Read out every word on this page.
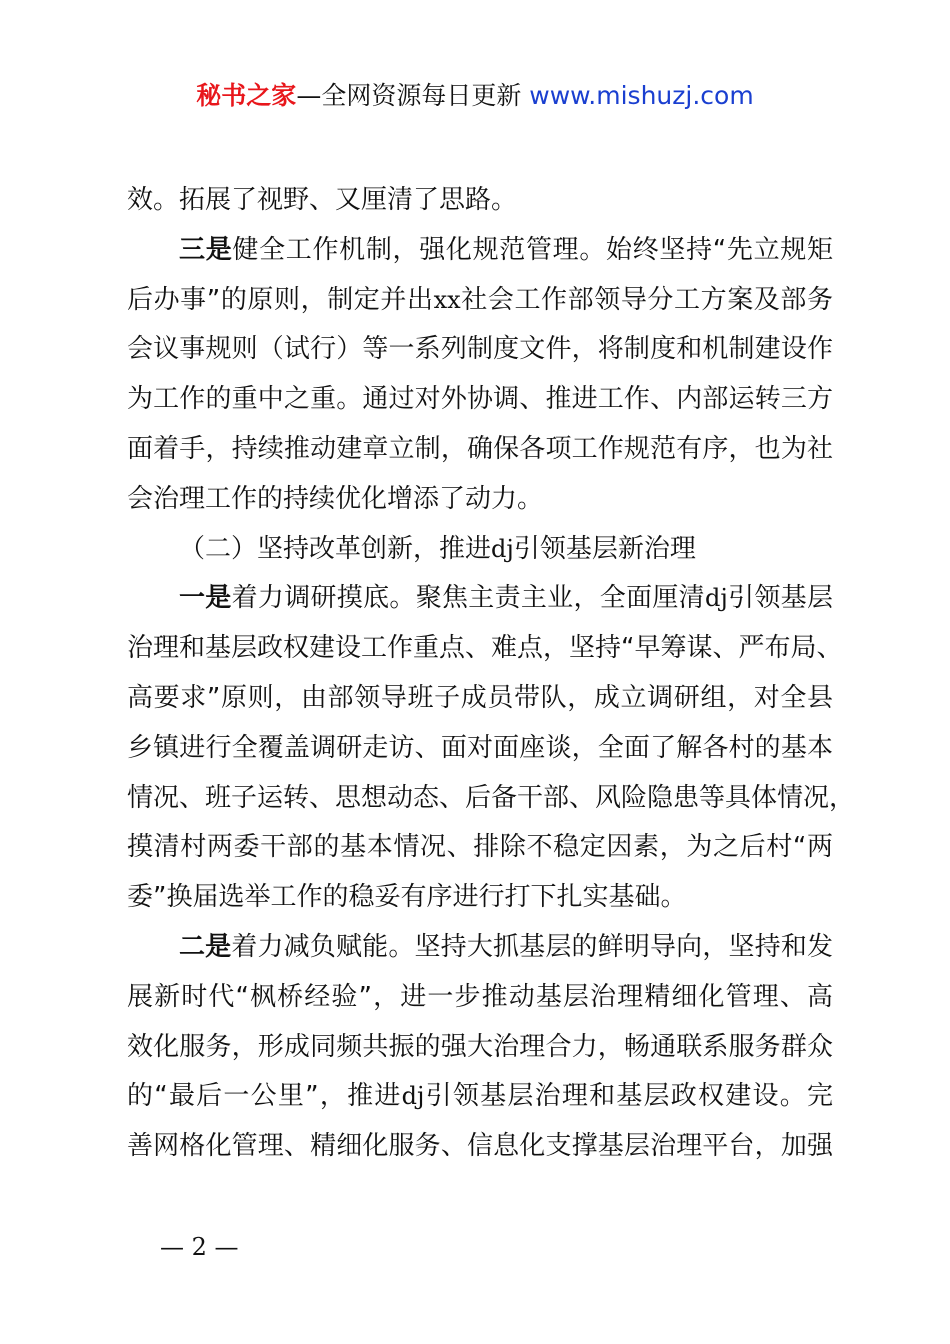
秘书之家—全网资源每日更新 www.mishuzj.com
效。拓展了视野、又厘清了思路。
三是健全工作机制，强化规范管理。始终坚持“先立规矩
后办事”的原则，制定并出xx社会工作部领导分工方案及部务
会议事规则（试行）等一系列制度文件，将制度和机制建设作
为工作的重中之重。通过对外协调、推进工作、内部运转三方
面着手，持续推动建章立制，确保各项工作规范有序，也为社
会治理工作的持续优化增添了动力。
（二）坚持改革创新，推进dj引领基层新治理
一是着力调研摸底。聚焦主责主业，全面厘清dj引领基层
治理和基层政权建设工作重点、难点，坚持“早筹谋、严布局、
高要求”原则，由部领导班子成员带队，成立调研组，对全县
乡镇进行全覆盖调研走访、面对面座谈，全面了解各村的基本
情况、班子运转、思想动态、后备干部、风险隐患等具体情况，
摸清村两委干部的基本情况、排除不稳定因素，为之后村“两
委”换届选举工作的稳妥有序进行打下扎实基础。
二是着力减负赋能。坚持大抓基层的鲜明导向，坚持和发
展新时代“枫桥经验”，进一步推动基层治理精细化管理、高
效化服务，形成同频共振的强大治理合力，畅通联系服务群众
的“最后一公里”，推进dj引领基层治理和基层政权建设。完
善网格化管理、精细化服务、信息化支撑基层治理平台，加强
— 2 —
